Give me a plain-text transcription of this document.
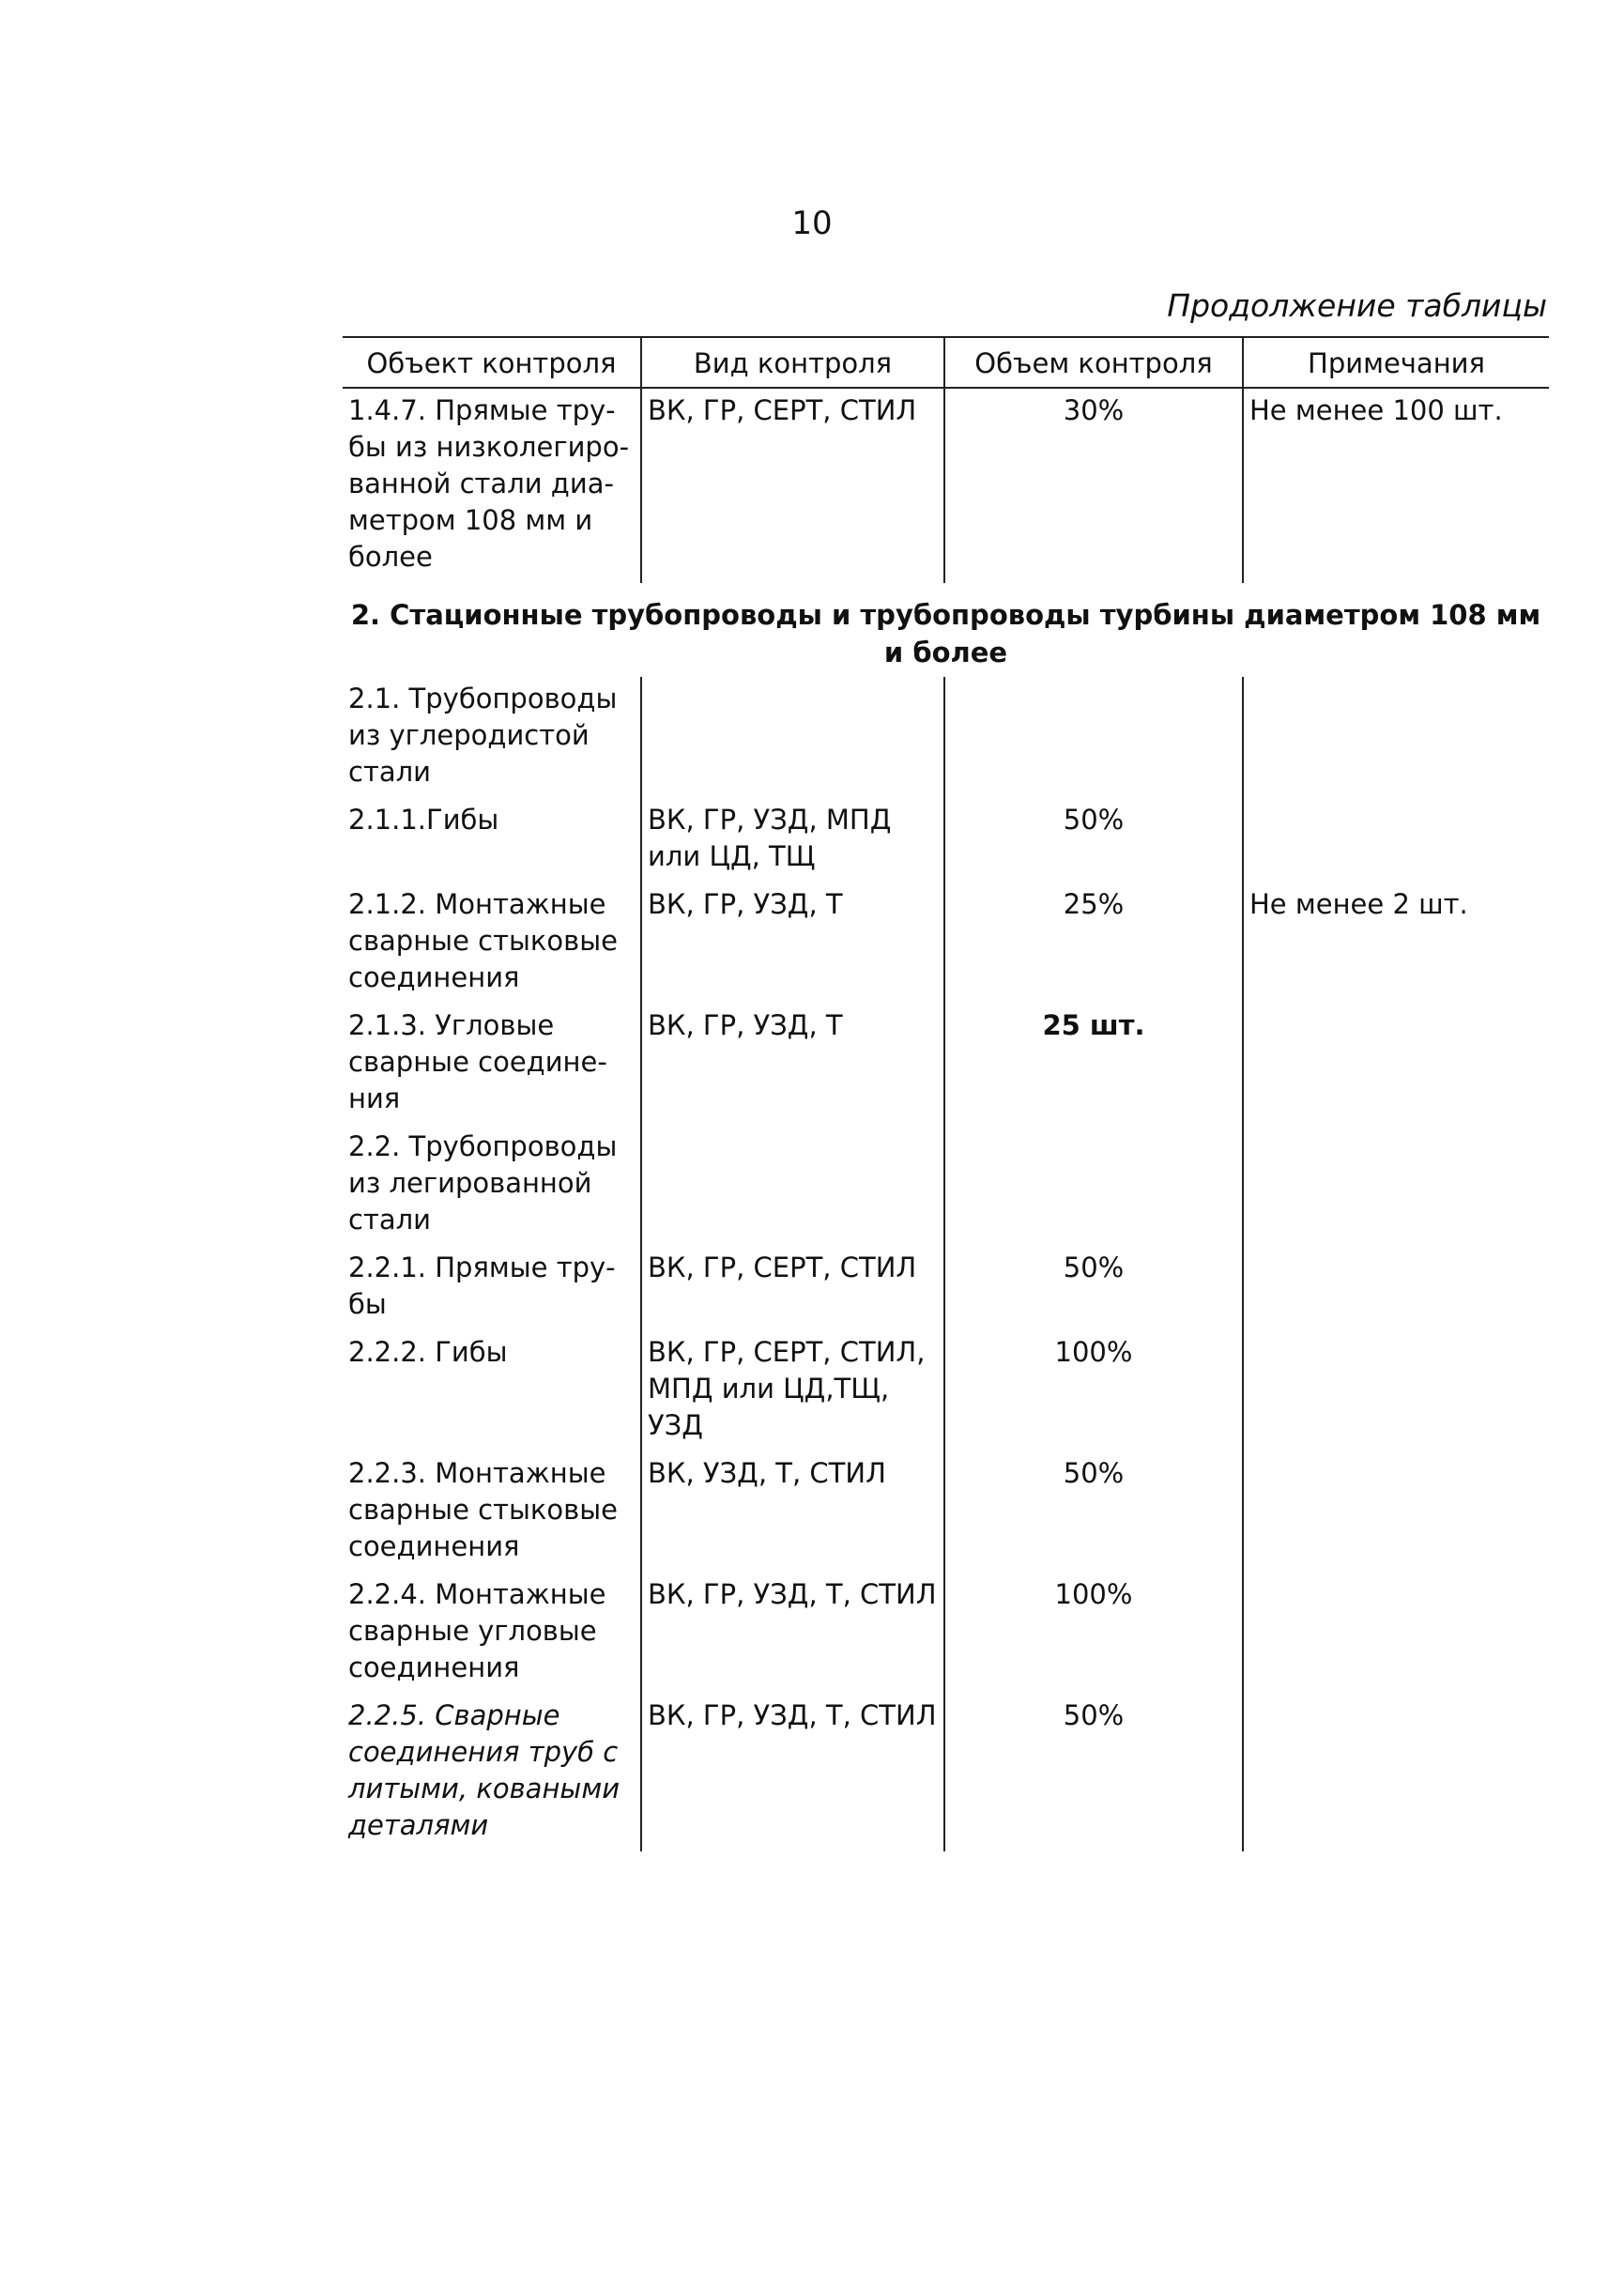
10
Продолжение таблицы
Объект контроля	Вид контроля	Объем контроля	Примечания
1.4.7. Прямые тру-бы из низколегиро-ванной стали диа-метром 108 мм и более	ВК, ГР, СЕРТ, СТИЛ	30%	Не менее 100 шт.
2. Стационные трубопроводы и трубопроводы турбины диаметром 108 мм и более			
2.1. Трубопроводы из углеродистой стали			
2.1.1.Гибы	ВК, ГР, УЗД, МПД или ЦД, ТЩ	50%	
2.1.2. Монтажные сварные стыковые соединения	ВК, ГР, УЗД, Т	25%	Не менее 2 шт.
2.1.3. Угловые сварные соедине-ния	ВК, ГР, УЗД, Т	25 шт.	
2.2. Трубопроводы из легированной стали			
2.2.1. Прямые тру-бы	ВК, ГР, СЕРТ, СТИЛ	50%	
2.2.2. Гибы	ВК, ГР, СЕРТ, СТИЛ, МПД или ЦД,ТЩ, УЗД	100%	
2.2.3. Монтажные сварные стыковые соединения	ВК, УЗД, Т, СТИЛ	50%	
2.2.4. Монтажные сварные угловые соединения	ВК, ГР, УЗД, Т, СТИЛ	100%	
2.2.5. Сварные соединения труб с литыми, коваными деталями	ВК, ГР, УЗД, Т, СТИЛ	50%	
